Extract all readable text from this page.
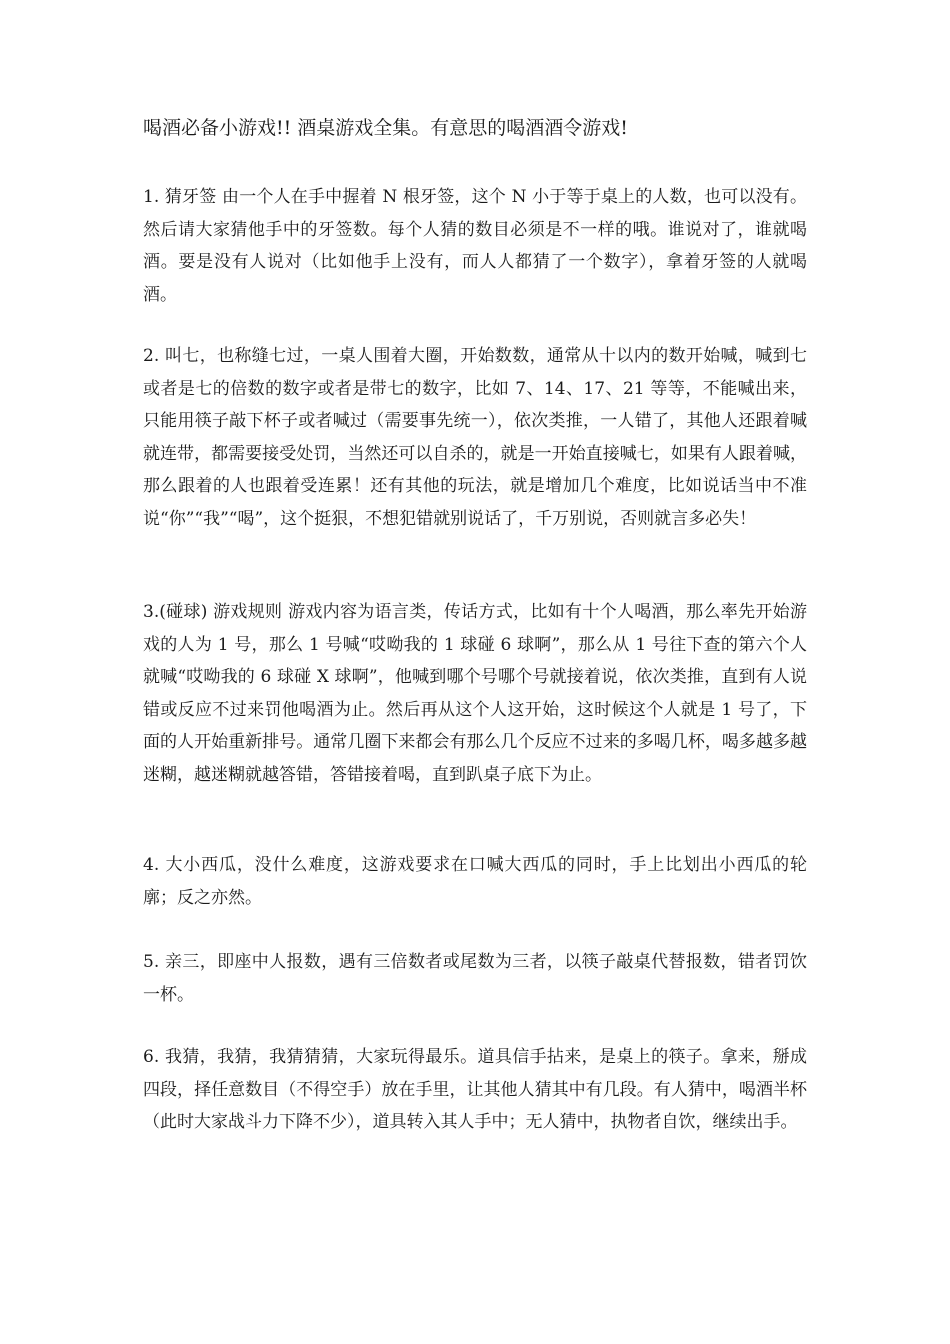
喝酒必备小游戏!! 酒桌游戏全集。有意思的喝酒酒令游戏!

1. 猜牙签 由一个人在手中握着 N 根牙签，这个 N 小于等于桌上的人数，也可以没有。然后请大家猜他手中的牙签数。每个人猜的数目必须是不一样的哦。谁说对了，谁就喝酒。要是没有人说对（比如他手上没有，而人人都猜了一个数字），拿着牙签的人就喝酒。

2. 叫七，也称缝七过，一桌人围着大圈，开始数数，通常从十以内的数开始喊，喊到七或者是七的倍数的数字或者是带七的数字，比如 7、14、17、21 等等，不能喊出来，只能用筷子敲下杯子或者喊过（需要事先统一），依次类推，一人错了，其他人还跟着喊就连带，都需要接受处罚，当然还可以自杀的，就是一开始直接喊七，如果有人跟着喊，那么跟着的人也跟着受连累！还有其他的玩法，就是增加几个难度，比如说话当中不准说“你”“我”“喝”，这个挺狠，不想犯错就别说话了，千万别说，否则就言多必失！

3.(碰球) 游戏规则 游戏内容为语言类，传话方式，比如有十个人喝酒，那么率先开始游戏的人为 1 号，那么 1 号喊“哎呦我的 1 球碰 6 球啊”，那么从 1 号往下查的第六个人就喊“哎呦我的 6 球碰 X 球啊”，他喊到哪个号哪个号就接着说，依次类推，直到有人说错或反应不过来罚他喝酒为止。然后再从这个人这开始，这时候这个人就是 1 号了，下面的人开始重新排号。通常几圈下来都会有那么几个反应不过来的多喝几杯，喝多越多越迷糊，越迷糊就越答错，答错接着喝，直到趴桌子底下为止。

4. 大小西瓜，没什么难度，这游戏要求在口喊大西瓜的同时，手上比划出小西瓜的轮廓；反之亦然。

5. 亲三，即座中人报数，遇有三倍数者或尾数为三者，以筷子敲桌代替报数，错者罚饮一杯。

6. 我猜，我猜，我猜猜猜，大家玩得最乐。道具信手拈来，是桌上的筷子。拿来，掰成四段，择任意数目（不得空手）放在手里，让其他人猜其中有几段。有人猜中，喝酒半杯（此时大家战斗力下降不少），道具转入其人手中；无人猜中，执物者自饮，继续出手。
